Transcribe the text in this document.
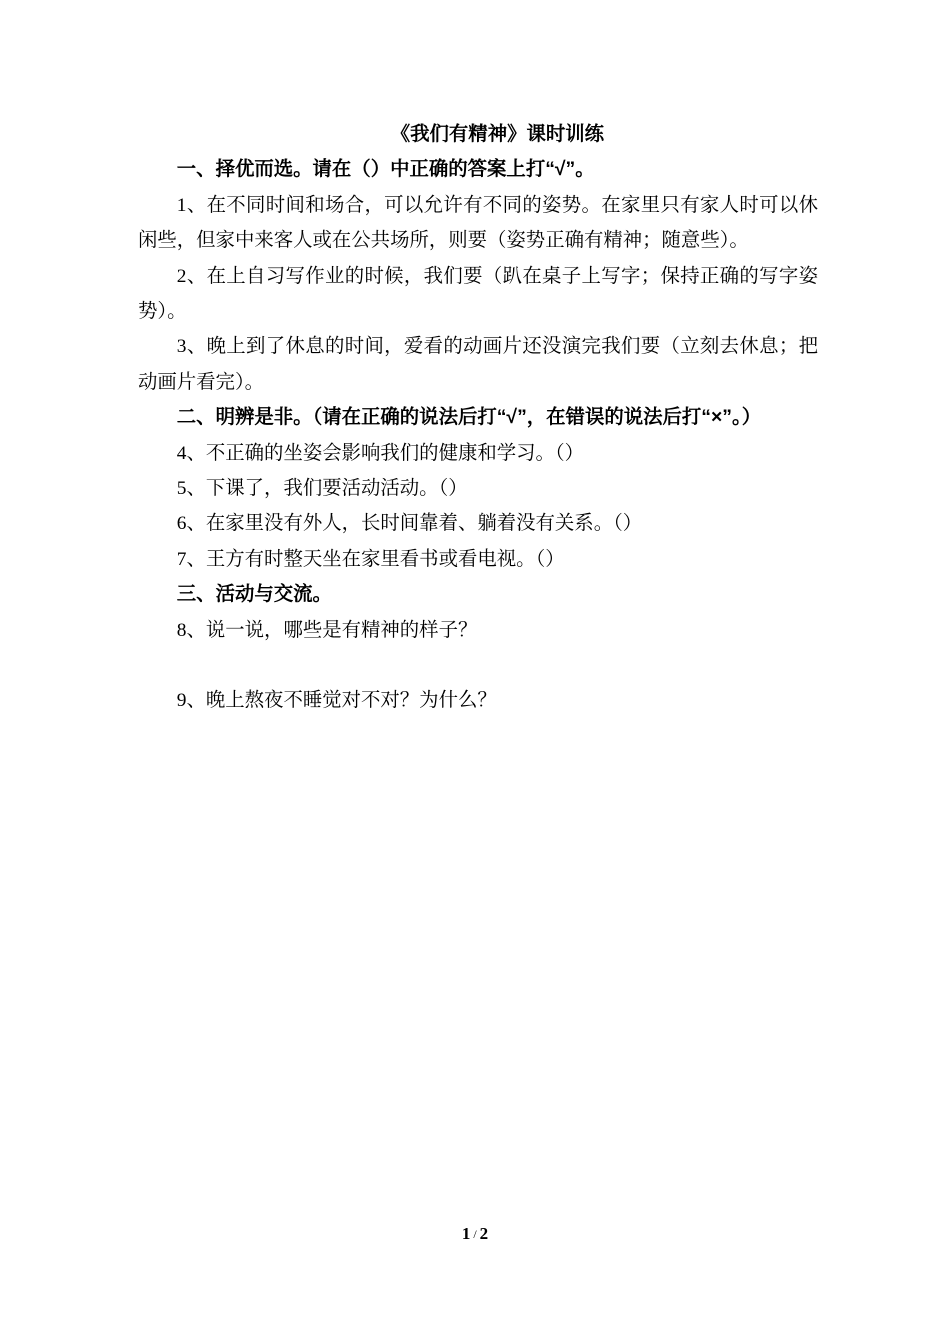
《我们有精神》课时训练

一、择优而选。请在（）中正确的答案上打“√”。

1、在不同时间和场合，可以允许有不同的姿势。在家里只有家人时可以休闲些，但家中来客人或在公共场所，则要（姿势正确有精神；随意些）。

2、在上自习写作业的时候，我们要（趴在桌子上写字；保持正确的写字姿势）。

3、晚上到了休息的时间，爱看的动画片还没演完我们要（立刻去休息；把动画片看完）。

二、明辨是非。（请在正确的说法后打“√”，在错误的说法后打“×”。）

4、不正确的坐姿会影响我们的健康和学习。（）

5、下课了，我们要活动活动。（）

6、在家里没有外人，长时间靠着、躺着没有关系。（）

7、王方有时整天坐在家里看书或看电视。（）

三、活动与交流。

8、说一说，哪些是有精神的样子？

9、晚上熬夜不睡觉对不对？为什么？

1 / 2
